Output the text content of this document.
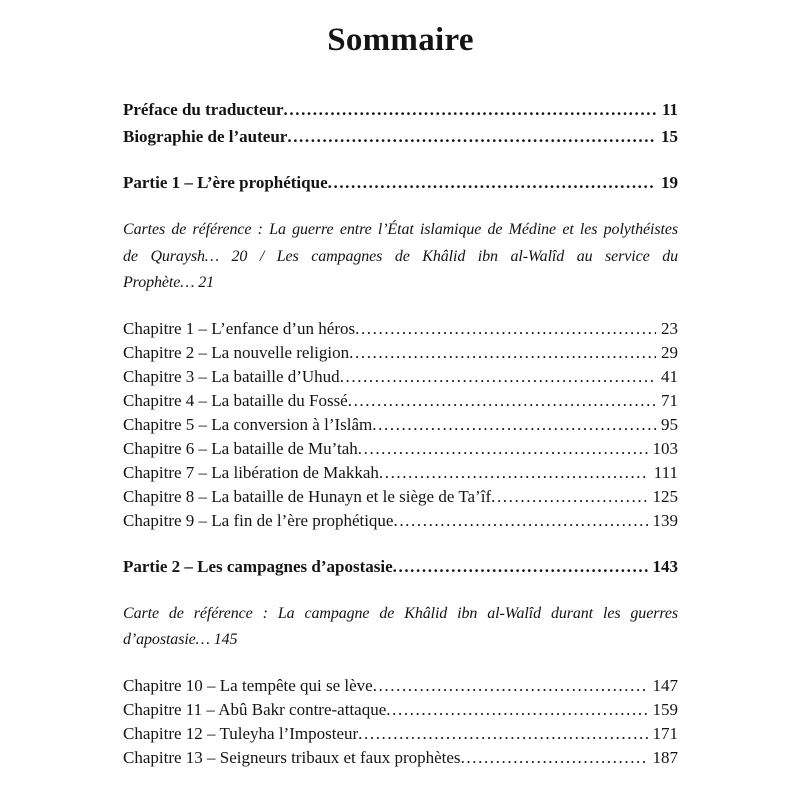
Sommaire
Préface du traducteur .....	11
Biographie de l’auteur .....	15
Partie 1 – L’ère prophétique .....	19
Cartes de référence : La guerre entre l’État islamique de Médine et les polythéistes
de Quraysh… 20 / Les campagnes de Khâlid ibn al-Walîd au service du
Prophète… 21
Chapitre 1 – L’enfance d’un héros .....	23
Chapitre 2 – La nouvelle religion .....	29
Chapitre 3 – La bataille d’Uhud .....	41
Chapitre 4 – La bataille du Fossé .....	71
Chapitre 5 – La conversion à l’Islâm .....	95
Chapitre 6 – La bataille de Mu’tah .....	103
Chapitre 7 – La libération de Makkah .....	111
Chapitre 8 – La bataille de Hunayn et le siège de Ta’îf .....	125
Chapitre 9 – La fin de l’ère prophétique .....	139
Partie 2 – Les campagnes d’apostasie .....	143
Carte de référence : La campagne de Khâlid ibn al-Walîd durant les guerres
d’apostasie… 145
Chapitre 10 – La tempête qui se lève .....	147
Chapitre 11 – Abû Bakr contre-attaque .....	159
Chapitre 12 – Tuleyha l’Imposteur .....	171
Chapitre 13 – Seigneurs tribaux et faux prophètes .....	187
